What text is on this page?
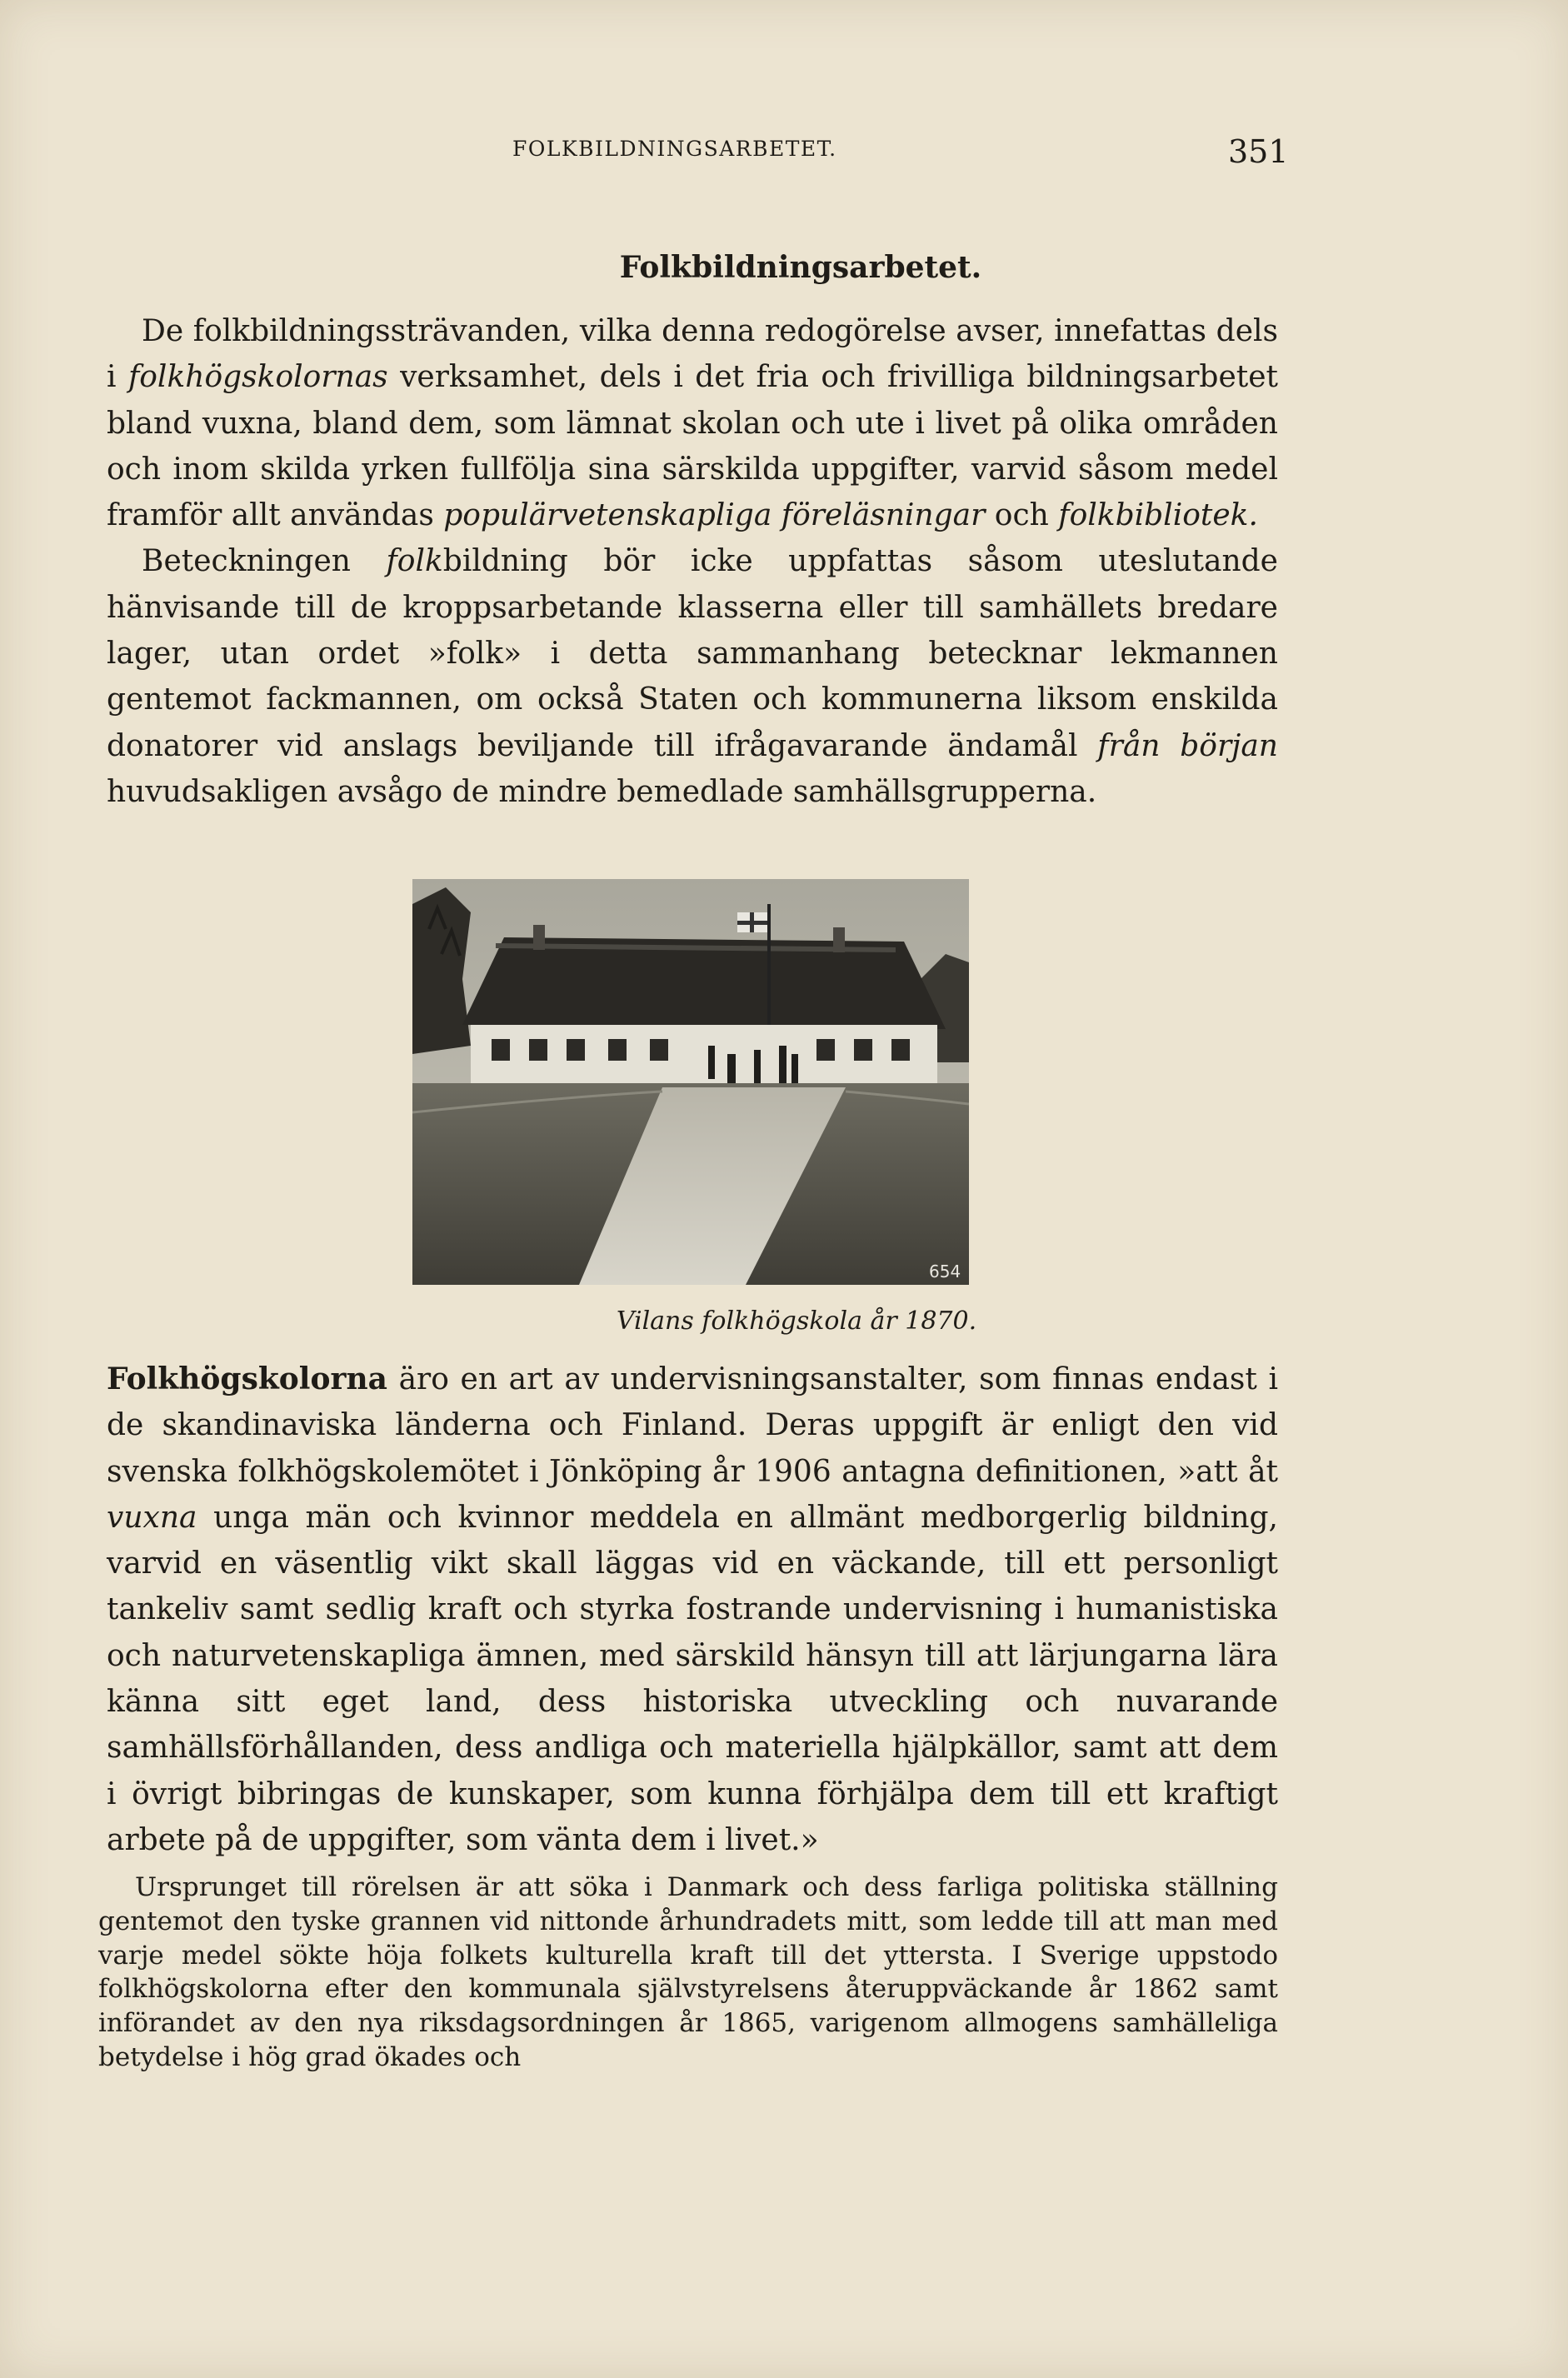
FOLKBILDNINGSARBETET.	351
Folkbildningsarbetet.

De folkbildningssträvanden, vilka denna redogörelse avser, innefattas dels i folkhögskolornas verksamhet, dels i det fria och frivilliga bildningsarbetet bland vuxna, bland dem, som lämnat skolan och ute i livet på olika områden och inom skilda yrken fullfölja sina särskilda uppgifter, varvid såsom medel framför allt användas populärvetenskapliga föreläsningar och folkbibliotek.

Beteckningen folkbildning bör icke uppfattas såsom uteslutande hänvisande till de kroppsarbetande klasserna eller till samhällets bredare lager, utan ordet »folk» i detta sammanhang betecknar lekmannen gentemot fackmannen, om också Staten och kommunerna liksom enskilda donatorer vid anslags beviljande till ifrågavarande ändamål från början huvudsakligen avsågo de mindre bemedlade samhällsgrupperna.

654
Vilans folkhögskola år 1870.

Folkhögskolorna äro en art av undervisningsanstalter, som finnas endast i de skandinaviska länderna och Finland. Deras uppgift är enligt den vid svenska folkhögskolemötet i Jönköping år 1906 antagna definitionen, »att åt vuxna unga män och kvinnor meddela en allmänt medborgerlig bildning, varvid en väsentlig vikt skall läggas vid en väckande, till ett personligt tankeliv samt sedlig kraft och styrka fostrande undervisning i humanistiska och naturvetenskapliga ämnen, med särskild hänsyn till att lärjungarna lära känna sitt eget land, dess historiska utveckling och nuvarande samhällsförhållanden, dess andliga och materiella hjälpkällor, samt att dem i övrigt bibringas de kunskaper, som kunna förhjälpa dem till ett kraftigt arbete på de uppgifter, som vänta dem i livet.»

Ursprunget till rörelsen är att söka i Danmark och dess farliga politiska ställning gentemot den tyske grannen vid nittonde århundradets mitt, som ledde till att man med varje medel sökte höja folkets kulturella kraft till det yttersta. I Sverige uppstodo folkhögskolorna efter den kommunala självstyrelsens återuppväckande år 1862 samt införandet av den nya riksdagsordningen år 1865, varigenom allmogens samhälleliga betydelse i hög grad ökades och
